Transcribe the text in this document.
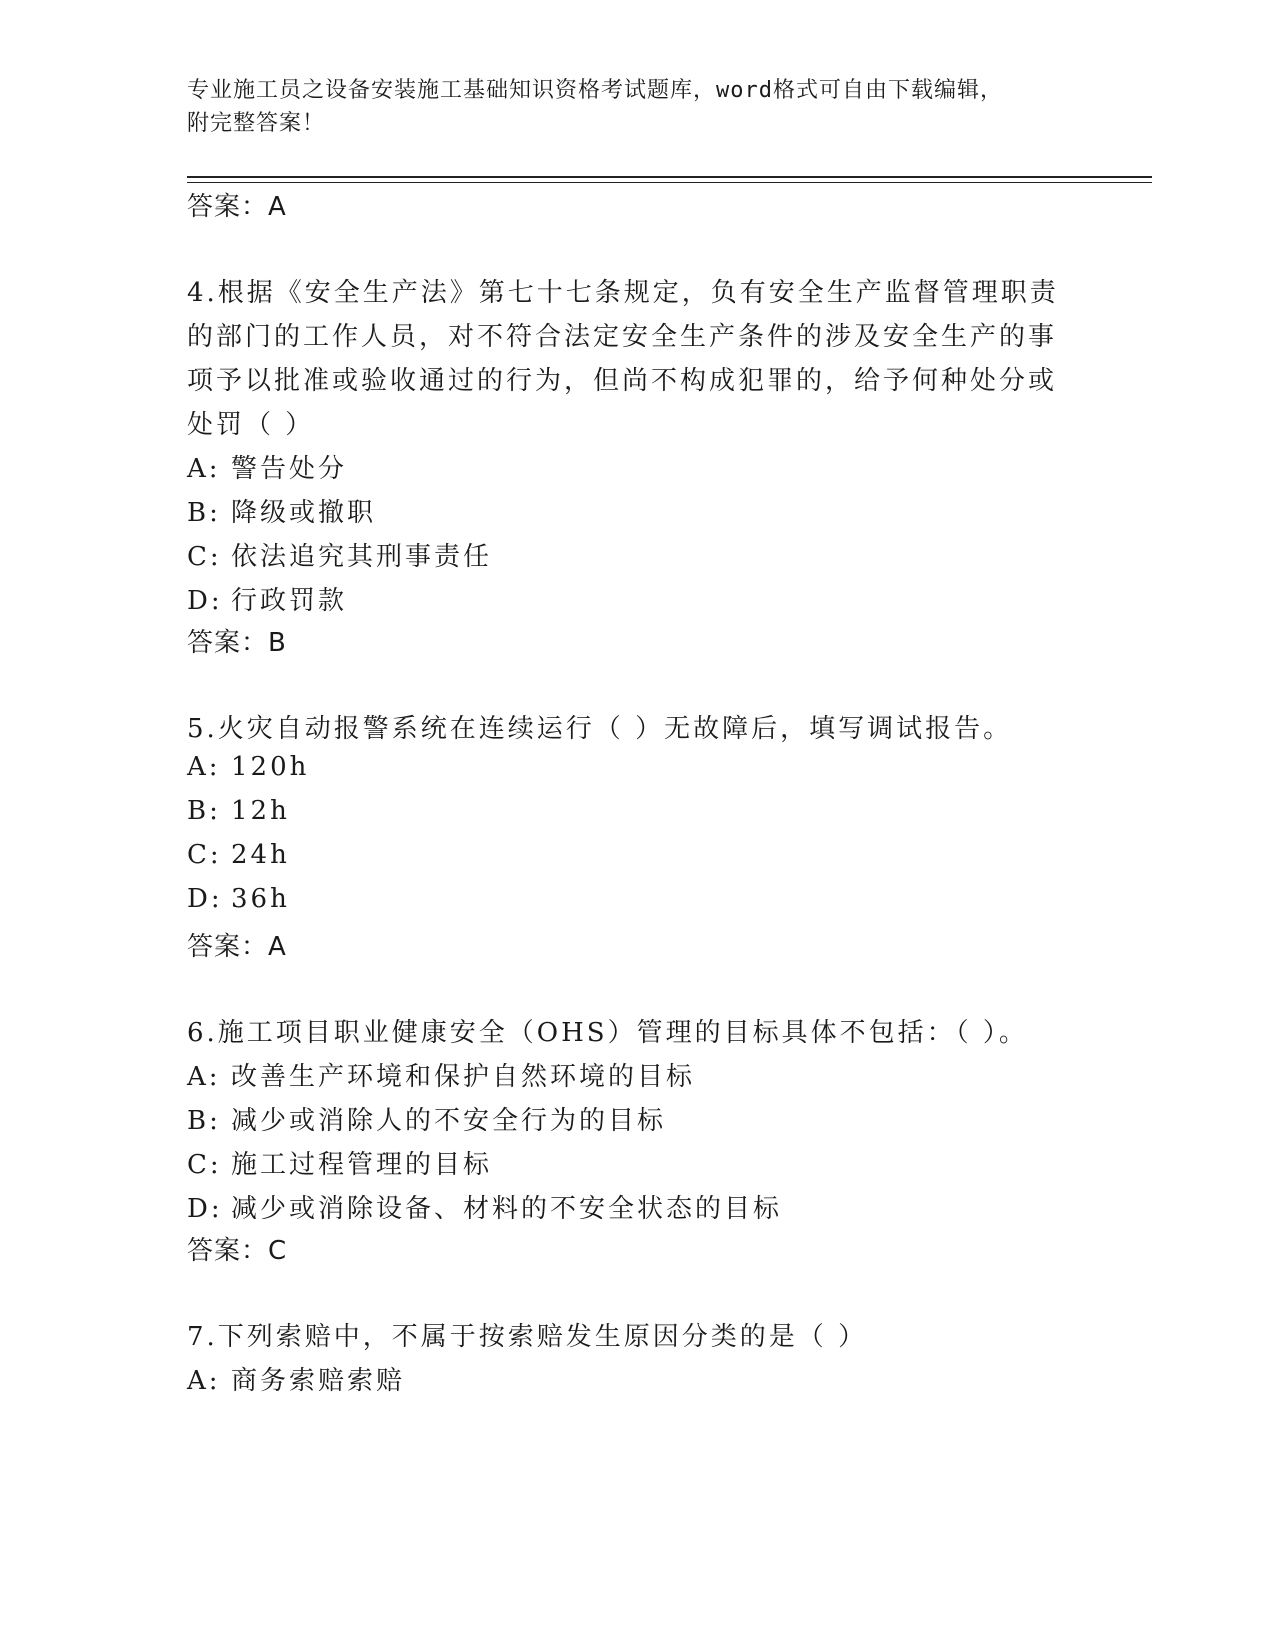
专业施工员之设备安装施工基础知识资格考试题库，word格式可自由下载编辑，
附完整答案！
答案：A
4.根据《安全生产法》第七十七条规定，负有安全生产监督管理职责
的部门的工作人员，对不符合法定安全生产条件的涉及安全生产的事
项予以批准或验收通过的行为，但尚不构成犯罪的，给予何种处分或
处罚（ ）
A: 警告处分
B: 降级或撤职
C: 依法追究其刑事责任
D: 行政罚款
答案：B
5.火灾自动报警系统在连续运行（ ）无故障后，填写调试报告。
A: 120h
B: 12h
C: 24h
D: 36h
答案：A
6.施工项目职业健康安全（OHS）管理的目标具体不包括：（ ）。
A: 改善生产环境和保护自然环境的目标
B: 减少或消除人的不安全行为的目标
C: 施工过程管理的目标
D: 减少或消除设备、材料的不安全状态的目标
答案：C
7.下列索赔中，不属于按索赔发生原因分类的是（ ）
A: 商务索赔索赔
